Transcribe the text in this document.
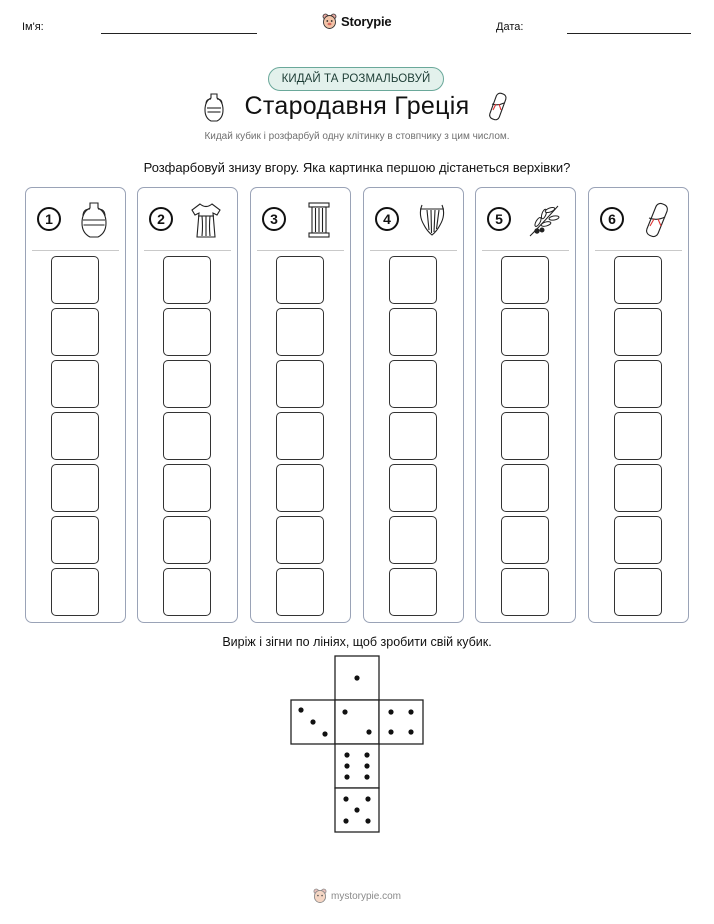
Ім'я:	Storypie	Дата:
КИДАЙ ТА РОЗМАЛЬОВУЙ
Стародавня Греція
Кидай кубик і розфарбуй одну клітинку в стовпчику з цим числом.
Розфарбовуй знизу вгору. Яка картинка першою дістанеться верхівки?
1	2	3	4	5	6
Виріж і зігни по лініях, щоб зробити свій кубик.
mystorypie.com
